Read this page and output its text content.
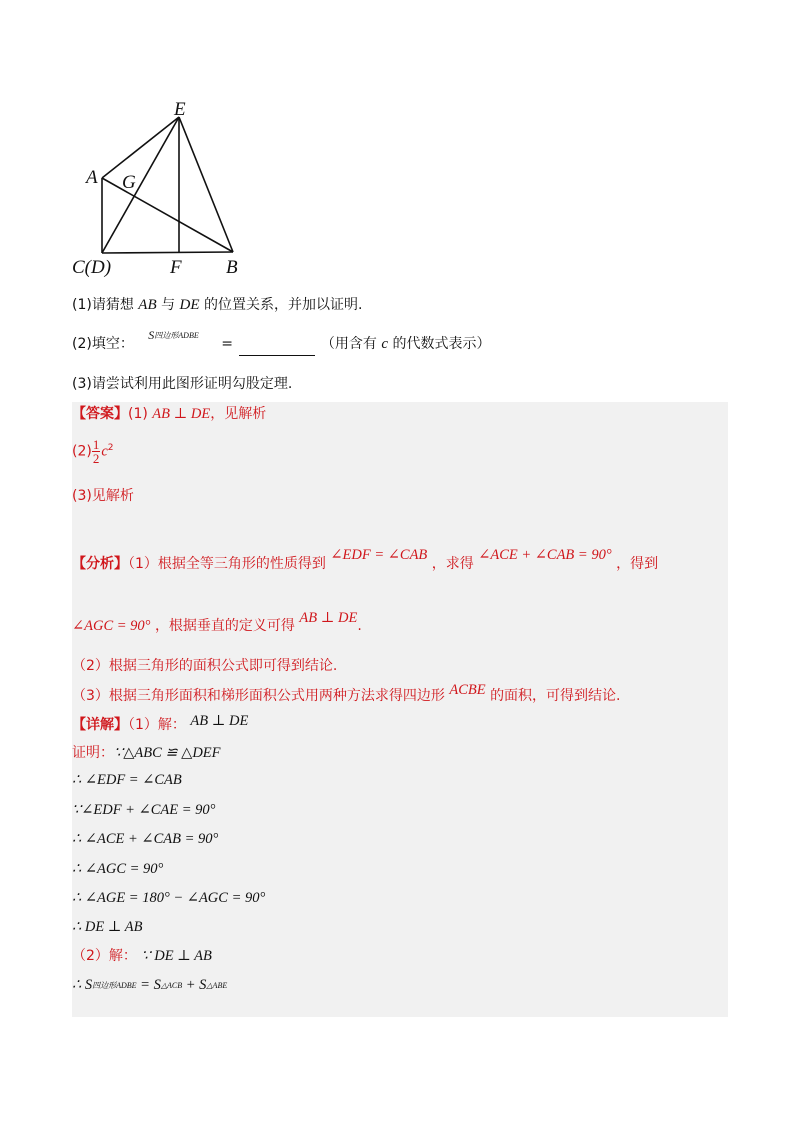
E
A G
C(D)	F B
(1)请猜想 AB 与 DE 的位置关系，并加以证明.
(2)填空： S四边形ADBE =	（用含有 c 的代数式表示）
(3)请尝试利用此图形证明勾股定理.
【答案】(1) AB ⊥ DE，见解析
$(2) \frac{1}{2} c^2$
(3)见解析
【分析】（1）根据全等三角形的性质得到 ∠EDF = ∠CAB ，求得 ∠ACE + ∠CAB = 90° ，得到
∠AGC = 90° ，根据垂直的定义可得 AB ⊥ DE.
（2）根据三角形的面积公式即可得到结论.
（3）根据三角形面积和梯形面积公式用两种方法求得四边形 ACBE 的面积，可得到结论.
【详解】（1）解： AB ⊥ DE
证明：∵△ABC ≌ △DEF
∴ ∠EDF = ∠CAB
∵∠EDF + ∠CAE = 90°
∴ ∠ACE + ∠CAB = 90°
∴ ∠AGC = 90°
∴ ∠AGE = 180° − ∠AGC = 90°
∴ DE ⊥ AB
（2）解： ∵ DE ⊥ AB
∴ S四边形ADBE = S△ACB + S△ABE
